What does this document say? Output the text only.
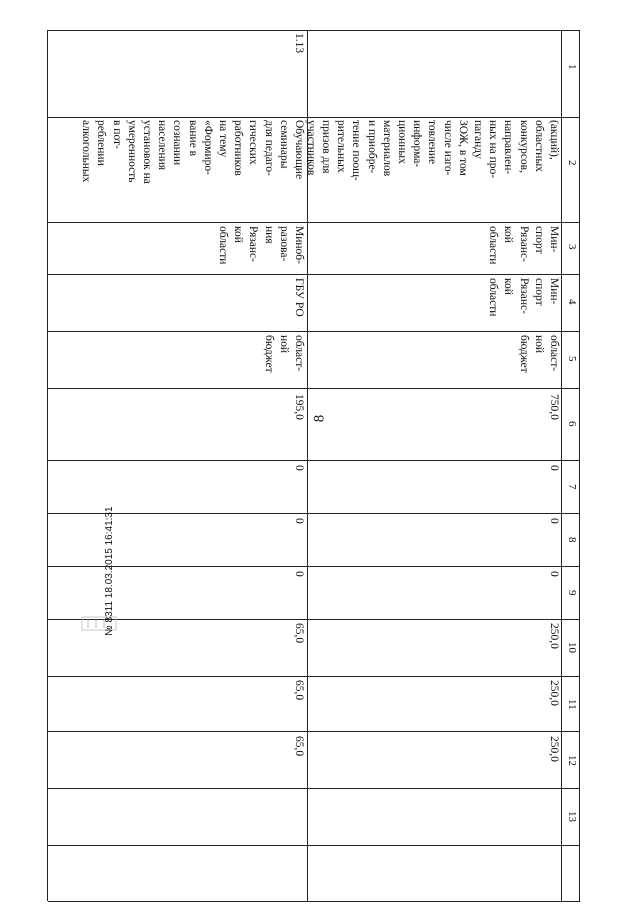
8
1
2
3
4
5
6
7
8
9
10
11
12
13
(акций),
областных
конкурсов,
направлен-
ных на про-
паганду
ЗОЖ, в том
числе изго-
товление
информа-
ционных
материалов
и приобре-
тение поощ-
рительных
призов для
участников
Мин-
спорт
Рязанс-
кой
области
Мин-
спорт
Рязанс-
кой
области
област-
ной
бюджет
750,0
0
0
0
250,0
250,0
250,0
1.13
Обучающие
семинары
для педаго-
гических
работников
на тему
«Формиро-
вание в
сознании
населения
установок на
умеренность
в пот-
реблении
алкогольных
Миноб-
разова-
ния
Рязанс-
кой
области
ГБУ РО
област-
ной
бюджет
195,0
0
0
0
65,0
65,0
65,0
№ 8311 18.03.2015 16:41:31
